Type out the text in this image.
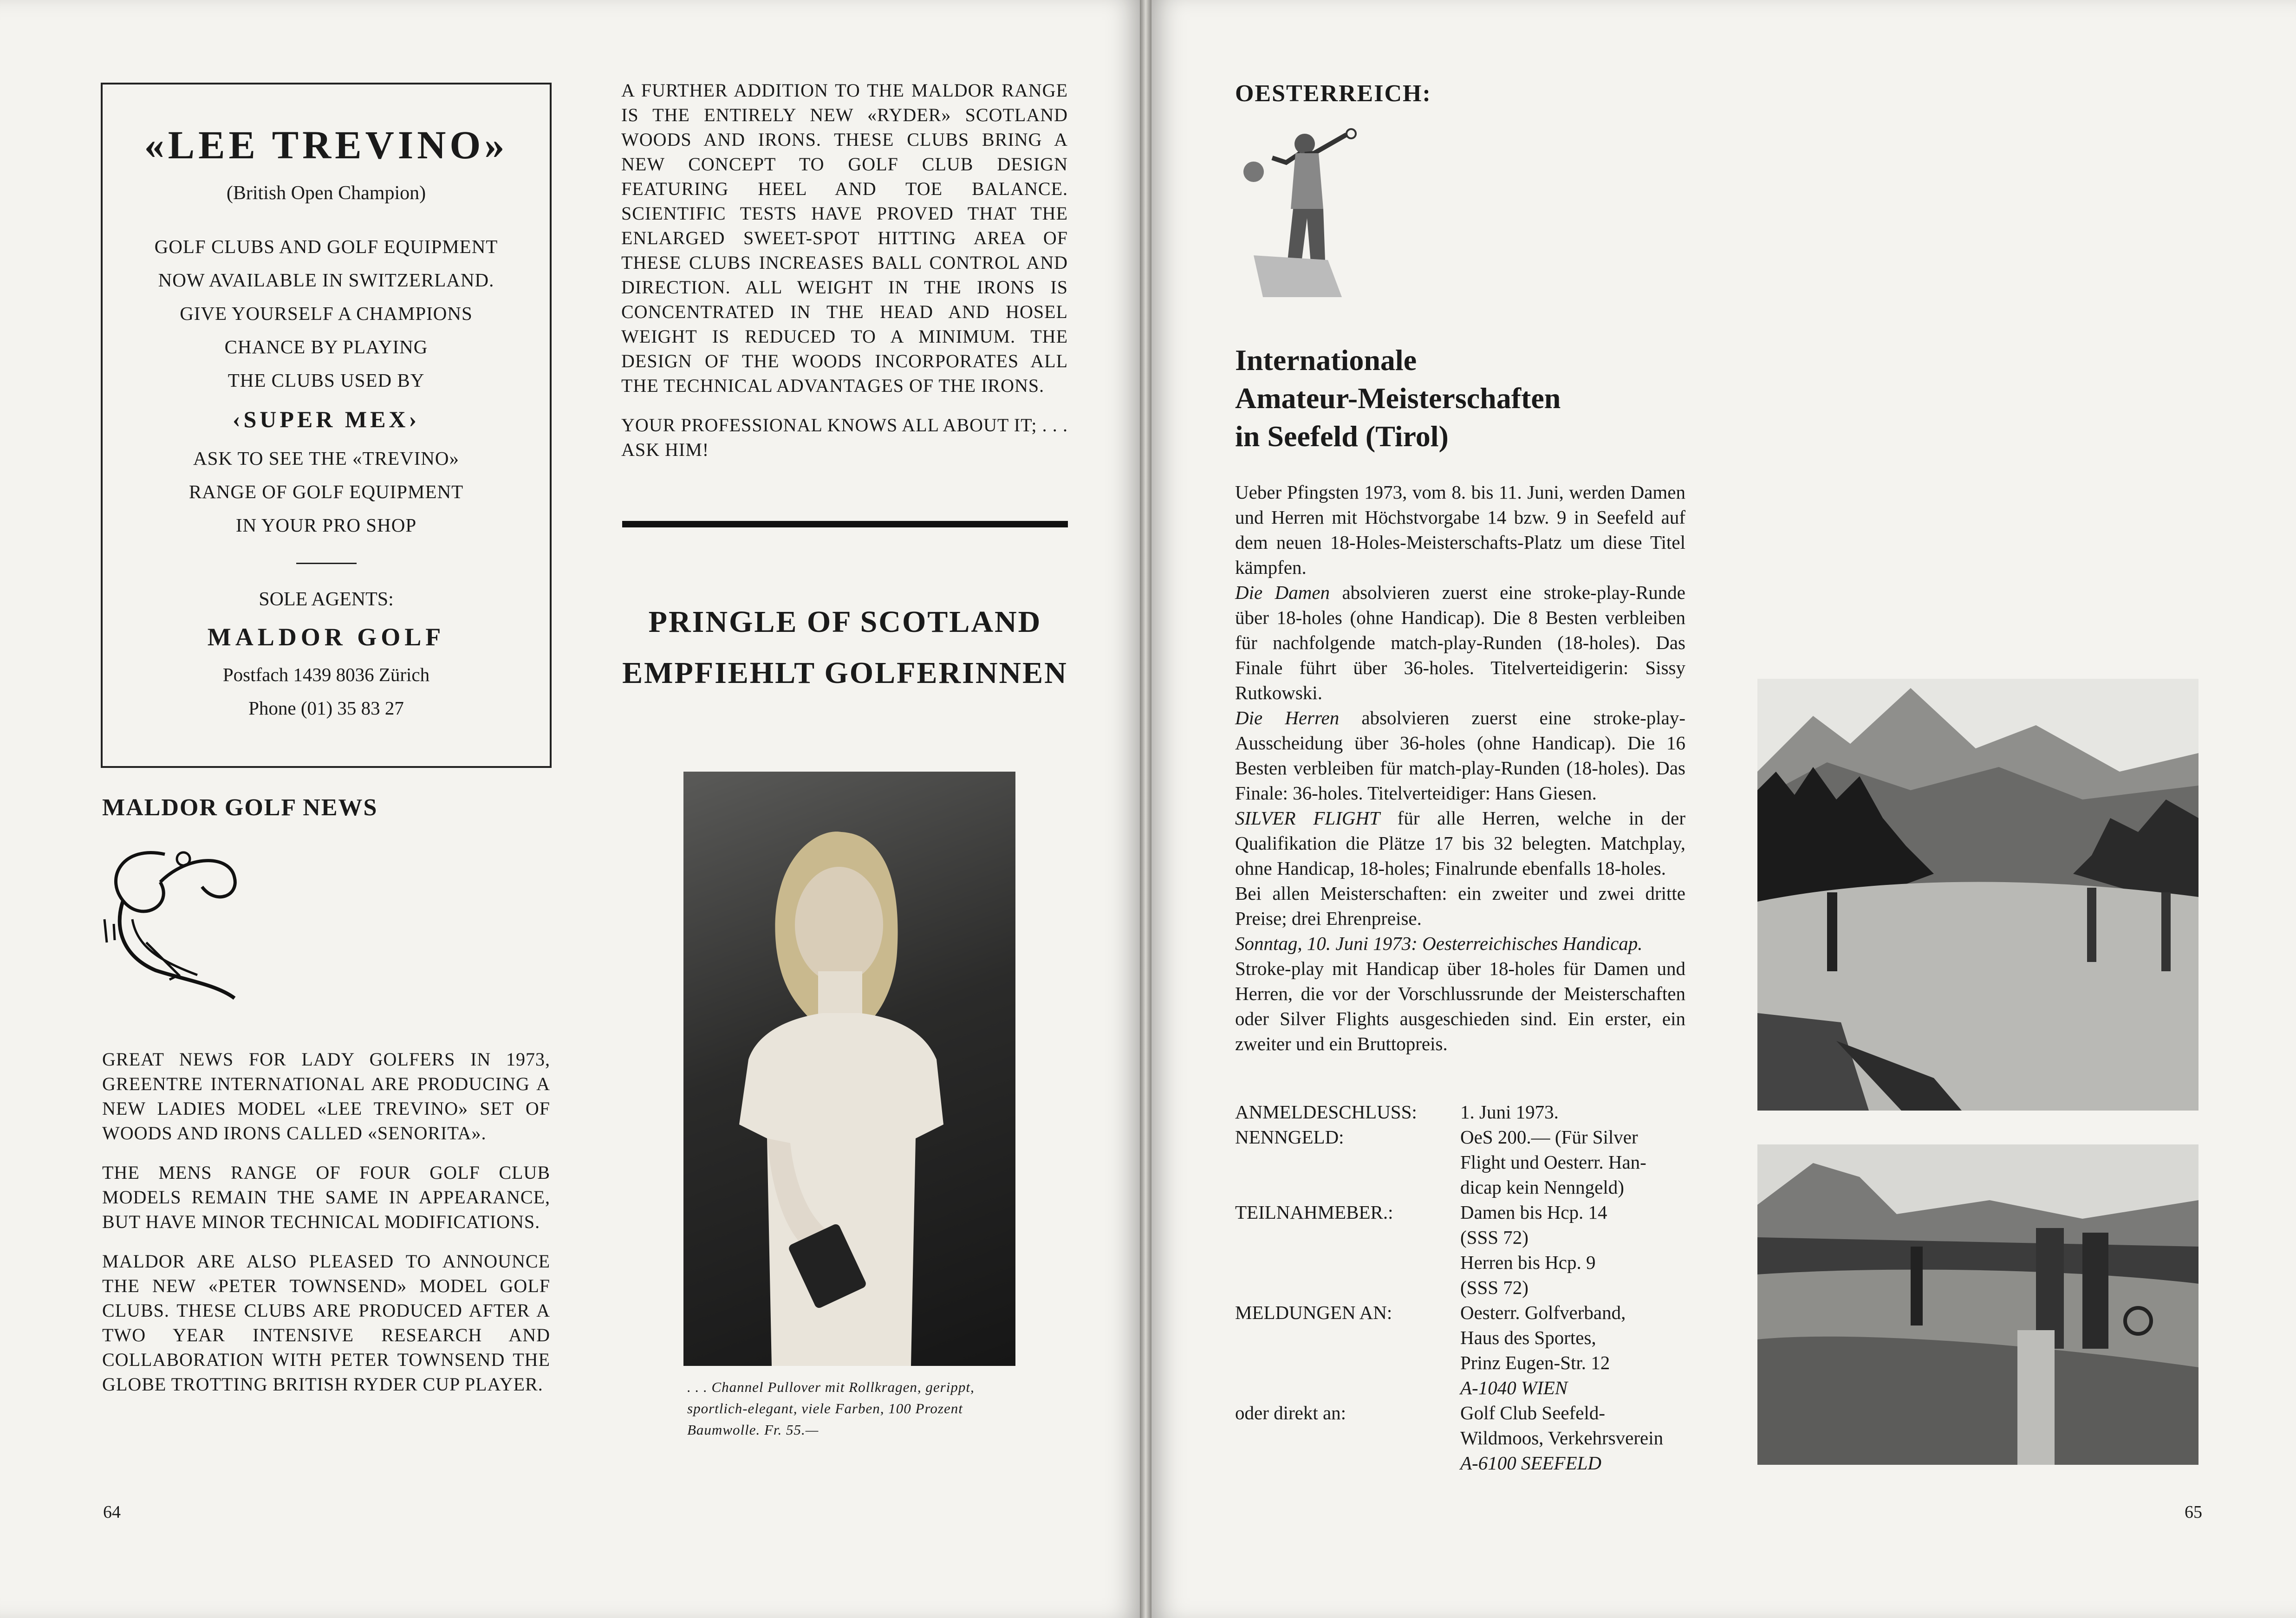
«LEE TREVINO»
(British Open Champion)
GOLF CLUBS AND GOLF EQUIPMENT
NOW AVAILABLE IN SWITZERLAND.
GIVE YOURSELF A CHAMPIONS
CHANCE BY PLAYING
THE CLUBS USED BY
‹SUPER MEX›
ASK TO SEE THE «TREVINO»
RANGE OF GOLF EQUIPMENT
IN YOUR PRO SHOP
SOLE AGENTS:
MALDOR GOLF
Postfach 1439 8036 Zürich
Phone (01) 35 83 27
MALDOR GOLF NEWS

GREAT NEWS FOR LADY GOLFERS IN 1973, GREENTRE INTERNATIONAL ARE PRODUCING A NEW LADIES MODEL «LEE TREVINO» SET OF WOODS AND IRONS CALLED «SENORITA».

THE MENS RANGE OF FOUR GOLF CLUB MODELS REMAIN THE SAME IN APPEARANCE, BUT HAVE MINOR TECHNICAL MODIFICATIONS.

MALDOR ARE ALSO PLEASED TO ANNOUNCE THE NEW «PETER TOWNSEND» MODEL GOLF CLUBS. THESE CLUBS ARE PRODUCED AFTER A TWO YEAR INTENSIVE RESEARCH AND COLLABORATION WITH PETER TOWNSEND THE GLOBE TROTTING BRITISH RYDER CUP PLAYER.

A FURTHER ADDITION TO THE MALDOR RANGE IS THE ENTIRELY NEW «RYDER» SCOTLAND WOODS AND IRONS. THESE CLUBS BRING A NEW CONCEPT TO GOLF CLUB DESIGN FEATURING HEEL AND TOE BALANCE. SCIENTIFIC TESTS HAVE PROVED THAT THE ENLARGED SWEET-SPOT HITTING AREA OF THESE CLUBS INCREASES BALL CONTROL AND DIRECTION. ALL WEIGHT IN THE IRONS IS CONCENTRATED IN THE HEAD AND HOSEL WEIGHT IS REDUCED TO A MINIMUM. THE DESIGN OF THE WOODS INCORPORATES ALL THE TECHNICAL ADVANTAGES OF THE IRONS.

YOUR PROFESSIONAL KNOWS ALL ABOUT IT; . . . ASK HIM!

PRINGLE OF SCOTLAND
EMPFIEHLT GOLFERINNEN
. . . Channel Pullover mit Rollkragen, gerippt, sportlich-elegant, viele Farben, 100 Prozent Baumwolle. Fr. 55.—
64
OESTERREICH:
Internationale
Amateur-Meisterschaften
in Seefeld (Tirol)

Ueber Pfingsten 1973, vom 8. bis 11. Juni, werden Damen und Herren mit Höchstvorgabe 14 bzw. 9 in Seefeld auf dem neuen 18-Holes-Meisterschafts-Platz um diese Titel kämpfen.

Die Damen absolvieren zuerst eine stroke-play-Runde über 18-holes (ohne Handicap). Die 8 Besten verbleiben für nachfolgende match-play-Runden (18-holes). Das Finale führt über 36-holes. Titelverteidigerin: Sissy Rutkowski.

Die Herren absolvieren zuerst eine stroke-play-Ausscheidung über 36-holes (ohne Handicap). Die 16 Besten verbleiben für match-play-Runden (18-holes). Das Finale: 36-holes. Titelverteidiger: Hans Giesen.

SILVER FLIGHT für alle Herren, welche in der Qualifikation die Plätze 17 bis 32 belegten. Matchplay, ohne Handicap, 18-holes; Finalrunde ebenfalls 18-holes.

Bei allen Meisterschaften: ein zweiter und zwei dritte Preise; drei Ehrenpreise.

Sonntag, 10. Juni 1973: Oesterreichisches Handicap.

Stroke-play mit Handicap über 18-holes für Damen und Herren, die vor der Vorschlussrunde der Meisterschaften oder Silver Flights ausgeschieden sind. Ein erster, ein zweiter und ein Bruttopreis.

ANMELDESCHLUSS: 1. Juni 1973.
NENNGELD:	OeS 200.— (Für Silver
Flight und Oesterr. Han-
dicap kein Nenngeld)
TEILNAHMEBER.:	Damen bis Hcp. 14
(SSS 72)
Herren bis Hcp. 9
(SSS 72)
MELDUNGEN AN:	Oesterr. Golfverband,
Haus des Sportes,
Prinz Eugen-Str. 12
A-1040 WIEN
oder direkt an:	Golf Club Seefeld-
Wildmoos, Verkehrsverein
A-6100 SEEFELD

65
